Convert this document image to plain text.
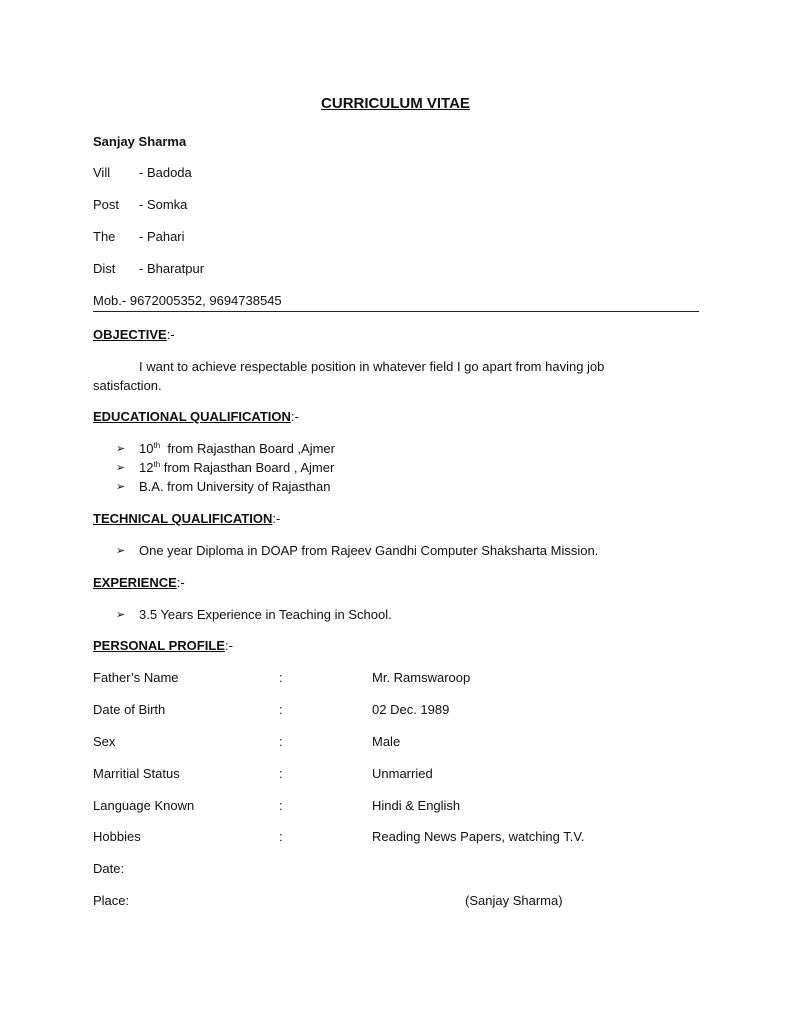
CURRICULUM VITAE
Sanjay Sharma
Vill - Badoda
Post - Somka
The - Pahari
Dist - Bharatpur
Mob.- 9672005352, 9694738545
OBJECTIVE:-
I want to achieve respectable position in whatever field I go apart from having job
satisfaction.
EDUCATIONAL QUALIFICATION:-
➢ 10th  from Rajasthan Board ,Ajmer
➢ 12th from Rajasthan Board , Ajmer
➢ B.A. from University of Rajasthan
TECHNICAL QUALIFICATION:-
➢ One year Diploma in DOAP from Rajeev Gandhi Computer Shaksharta Mission.
EXPERIENCE:-
➢ 3.5 Years Experience in Teaching in School.
PERSONAL PROFILE:-
Father’s Name	:	Mr. Ramswaroop
Date of Birth	:	02 Dec. 1989
Sex	:	Male
Marritial Status	:	Unmarried
Language Known	:	Hindi & English
Hobbies	:	Reading News Papers, watching T.V.
Date:
Place:	(Sanjay Sharma)
